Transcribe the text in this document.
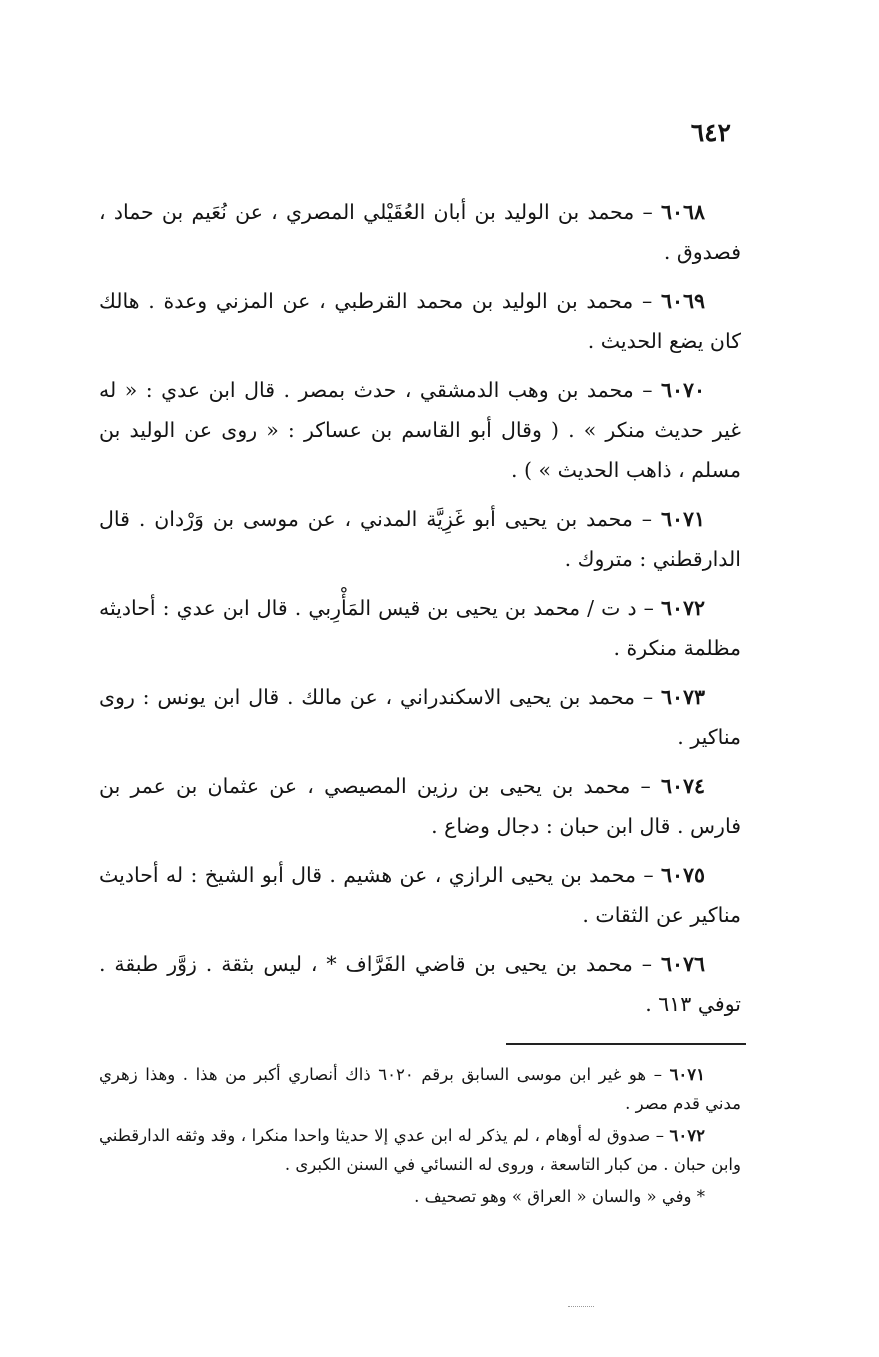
٦٤٢

٦٠٦٨ – محمد بن الوليد بن أبان العُقَيْلي المصري ، عن نُعَيم بن حماد ، فصدوق .

٦٠٦٩ – محمد بن الوليد بن محمد القرطبي ، عن المزني وعدة . هالك كان يضع الحديث .

٦٠٧٠ – محمد بن وهب الدمشقي ، حدث بمصر . قال ابن عدي : « له غير حديث منكر » . ( وقال أبو القاسم بن عساكر : « روى عن الوليد بن مسلم ، ذاهب الحديث » ) .

٦٠٧١ – محمد بن يحيى أبو غَزِيَّة المدني ، عن موسى بن وَرْدان . قال الدارقطني : متروك .

٦٠٧٢ – د ت / محمد بن يحيى بن قيس المَأْرِبي . قال ابن عدي : أحاديثه مظلمة منكرة .

٦٠٧٣ – محمد بن يحيى الاسكندراني ، عن مالك . قال ابن يونس : روى مناكير .

٦٠٧٤ – محمد بن يحيى بن رزين المصيصي ، عن عثمان بن عمر بن فارس . قال ابن حبان : دجال وضاع .

٦٠٧٥ – محمد بن يحيى الرازي ، عن هشيم . قال أبو الشيخ : له أحاديث مناكير عن الثقات .

٦٠٧٦ – محمد بن يحيى بن قاضي الفَرَّاف * ، ليس بثقة . زوَّر طبقة . توفي ٦١٣ .

٦٠٧١ – هو غير ابن موسى السابق برقم ٦٠٢٠ ذاك أنصاري أكبر من هذا . وهذا زهري مدني قدم مصر .

٦٠٧٢ – صدوق له أوهام ، لم يذكر له ابن عدي إلا حديثا واحدا منكرا ، وقد وثقه الدارقطني وابن حبان . من كبار التاسعة ، وروى له النسائي في السنن الكبرى .

* وفي « والسان « العراق » وهو تصحيف .
